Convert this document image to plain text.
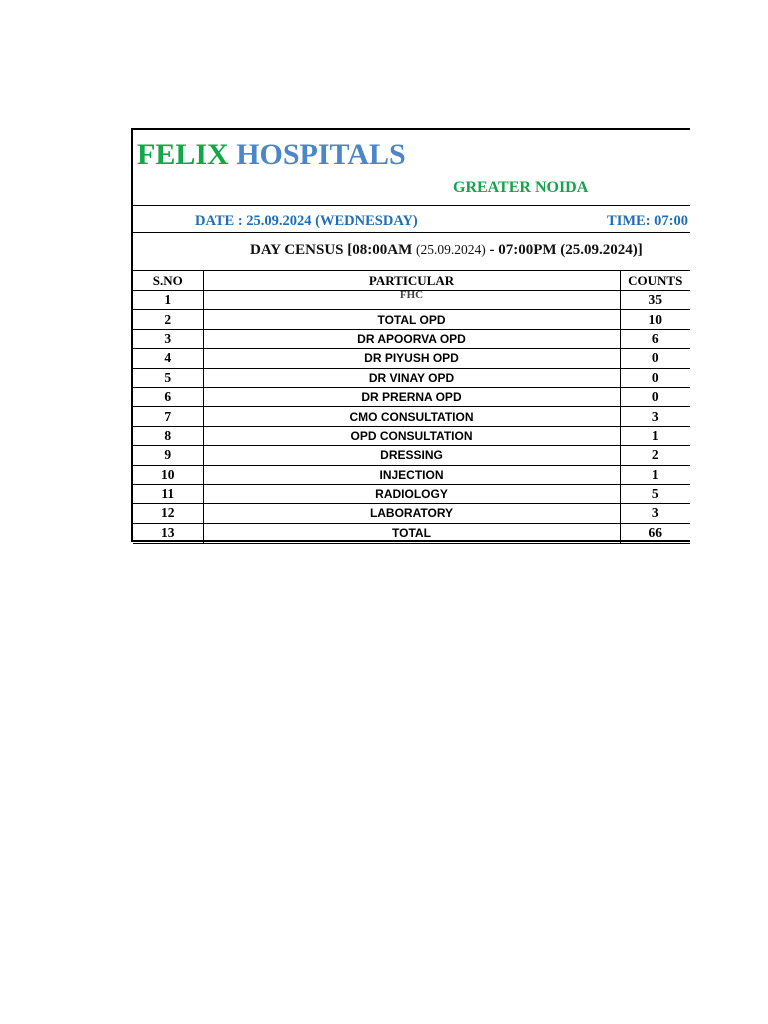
FELIX HOSPITALS
GREATER NOIDA
DATE : 25.09.2024 (WEDNESDAY)	TIME: 07:00
DAY CENSUS [08:00AM (25.09.2024) - 07:00PM (25.09.2024)]
S.NO	PARTICULAR	COUNTS
1	FHC	35
2	TOTAL OPD	10
3	DR APOORVA OPD	6
4	DR PIYUSH OPD	0
5	DR VINAY OPD	0
6	DR PRERNA OPD	0
7	CMO CONSULTATION	3
8	OPD CONSULTATION	1
9	DRESSING	2
10	INJECTION	1
11	RADIOLOGY	5
12	LABORATORY	3
13	TOTAL	66
